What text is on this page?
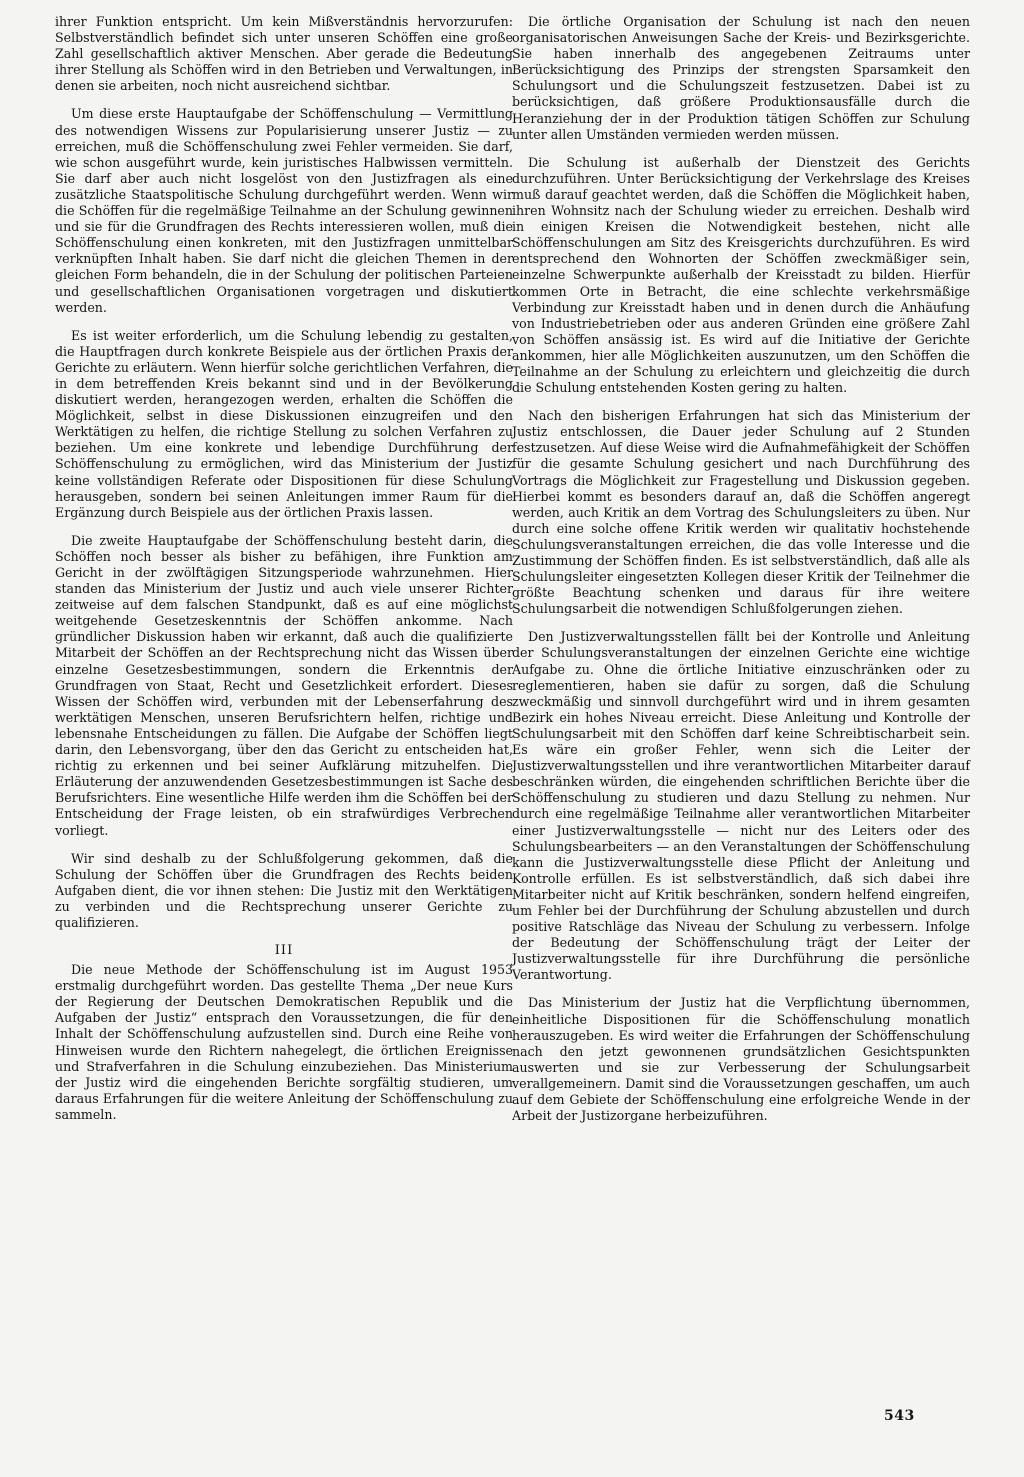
ihrer Funktion entspricht. Um kein Mißverständnis hervorzurufen: Selbstverständlich befindet sich unter unseren Schöffen eine große Zahl gesellschaftlich aktiver Menschen. Aber gerade die Bedeutung ihrer Stellung als Schöffen wird in den Betrieben und Verwaltungen, in denen sie arbeiten, noch nicht ausreichend sichtbar.

Um diese erste Hauptaufgabe der Schöffenschulung — Vermittlung des notwendigen Wissens zur Popularisierung unserer Justiz — zu erreichen, muß die Schöffenschulung zwei Fehler vermeiden. Sie darf, wie schon ausgeführt wurde, kein juristisches Halbwissen vermitteln. Sie darf aber auch nicht losgelöst von den Justizfragen als eine zusätzliche Staatspolitische Schulung durchgeführt werden. Wenn wir die Schöffen für die regelmäßige Teilnahme an der Schulung gewinnen und sie für die Grundfragen des Rechts interessieren wollen, muß die Schöffenschulung einen konkreten, mit den Justizfragen unmittelbar verknüpften Inhalt haben. Sie darf nicht die gleichen Themen in der gleichen Form behandeln, die in der Schulung der politischen Parteien und gesellschaftlichen Organisationen vorgetragen und diskutiert werden.

Es ist weiter erforderlich, um die Schulung lebendig zu gestalten, die Hauptfragen durch konkrete Beispiele aus der örtlichen Praxis der Gerichte zu erläutern. Wenn hierfür solche gerichtlichen Verfahren, die in dem betreffenden Kreis bekannt sind und in der Bevölkerung diskutiert werden, herangezogen werden, erhalten die Schöffen die Möglichkeit, selbst in diese Diskussionen einzugreifen und den Werktätigen zu helfen, die richtige Stellung zu solchen Verfahren zu beziehen. Um eine konkrete und lebendige Durchführung der Schöffenschulung zu ermöglichen, wird das Ministerium der Justiz keine vollständigen Referate oder Dispositionen für diese Schulung herausgeben, sondern bei seinen Anleitungen immer Raum für die Ergänzung durch Beispiele aus der örtlichen Praxis lassen.

Die zweite Hauptaufgabe der Schöffenschulung besteht darin, die Schöffen noch besser als bisher zu befähigen, ihre Funktion am Gericht in der zwölftägigen Sitzungsperiode wahrzunehmen. Hier standen das Ministerium der Justiz und auch viele unserer Richter zeitweise auf dem falschen Standpunkt, daß es auf eine möglichst weitgehende Gesetzeskenntnis der Schöffen ankomme. Nach gründlicher Diskussion haben wir erkannt, daß auch die qualifizierte Mitarbeit der Schöffen an der Rechtsprechung nicht das Wissen über einzelne Gesetzesbestimmungen, sondern die Erkenntnis der Grundfragen von Staat, Recht und Gesetzlichkeit erfordert. Dieses Wissen der Schöffen wird, verbunden mit der Lebenserfahrung des werktätigen Menschen, unseren Berufsrichtern helfen, richtige und lebensnahe Entscheidungen zu fällen. Die Aufgabe der Schöffen liegt darin, den Lebensvorgang, über den das Gericht zu entscheiden hat, richtig zu erkennen und bei seiner Aufklärung mitzuhelfen. Die Erläuterung der anzuwendenden Gesetzesbestimmungen ist Sache des Berufsrichters. Eine wesentliche Hilfe werden ihm die Schöffen bei der Entscheidung der Frage leisten, ob ein strafwürdiges Verbrechen vorliegt.

Wir sind deshalb zu der Schlußfolgerung gekommen, daß die Schulung der Schöffen über die Grundfragen des Rechts beiden Aufgaben dient, die vor ihnen stehen: Die Justiz mit den Werktätigen zu verbinden und die Rechtsprechung unserer Gerichte zu qualifizieren.

III

Die neue Methode der Schöffenschulung ist im August 1953 erstmalig durchgeführt worden. Das gestellte Thema „Der neue Kurs der Regierung der Deutschen Demokratischen Republik und die Aufgaben der Justiz“ entsprach den Voraussetzungen, die für den Inhalt der Schöffenschulung aufzustellen sind. Durch eine Reihe von Hinweisen wurde den Richtern nahegelegt, die örtlichen Ereignisse und Strafverfahren in die Schulung einzubeziehen. Das Ministerium der Justiz wird die eingehenden Berichte sorgfältig studieren, um daraus Erfahrungen für die weitere Anleitung der Schöffenschulung zu sammeln.

Die örtliche Organisation der Schulung ist nach den neuen organisatorischen Anweisungen Sache der Kreis- und Bezirksgerichte. Sie haben innerhalb des angegebenen Zeitraums unter Berücksichtigung des Prinzips der strengsten Sparsamkeit den Schulungsort und die Schulungszeit festzusetzen. Dabei ist zu berücksichtigen, daß größere Produktionsausfälle durch die Heranziehung der in der Produktion tätigen Schöffen zur Schulung unter allen Umständen vermieden werden müssen.

Die Schulung ist außerhalb der Dienstzeit des Gerichts durchzuführen. Unter Berücksichtigung der Verkehrslage des Kreises muß darauf geachtet werden, daß die Schöffen die Möglichkeit haben, ihren Wohnsitz nach der Schulung wieder zu erreichen. Deshalb wird in einigen Kreisen die Notwendigkeit bestehen, nicht alle Schöffenschulungen am Sitz des Kreisgerichts durchzuführen. Es wird entsprechend den Wohnorten der Schöffen zweckmäßiger sein, einzelne Schwerpunkte außerhalb der Kreisstadt zu bilden. Hierfür kommen Orte in Betracht, die eine schlechte verkehrsmäßige Verbindung zur Kreisstadt haben und in denen durch die Anhäufung von Industriebetrieben oder aus anderen Gründen eine größere Zahl von Schöffen ansässig ist. Es wird auf die Initiative der Gerichte ankommen, hier alle Möglichkeiten auszunutzen, um den Schöffen die Teilnahme an der Schulung zu erleichtern und gleichzeitig die durch die Schulung entstehenden Kosten gering zu halten.

Nach den bisherigen Erfahrungen hat sich das Ministerium der Justiz entschlossen, die Dauer jeder Schulung auf 2 Stunden festzusetzen. Auf diese Weise wird die Aufnahmefähigkeit der Schöffen für die gesamte Schulung gesichert und nach Durchführung des Vortrags die Möglichkeit zur Fragestellung und Diskussion gegeben. Hierbei kommt es besonders darauf an, daß die Schöffen angeregt werden, auch Kritik an dem Vortrag des Schulungsleiters zu üben. Nur durch eine solche offene Kritik werden wir qualitativ hochstehende Schulungsveranstaltungen erreichen, die das volle Interesse und die Zustimmung der Schöffen finden. Es ist selbstverständlich, daß alle als Schulungsleiter eingesetzten Kollegen dieser Kritik der Teilnehmer die größte Beachtung schenken und daraus für ihre weitere Schulungsarbeit die notwendigen Schlußfolgerungen ziehen.

Den Justizverwaltungsstellen fällt bei der Kontrolle und Anleitung der Schulungsveranstaltungen der einzelnen Gerichte eine wichtige Aufgabe zu. Ohne die örtliche Initiative einzuschränken oder zu reglementieren, haben sie dafür zu sorgen, daß die Schulung zweckmäßig und sinnvoll durchgeführt wird und in ihrem gesamten Bezirk ein hohes Niveau erreicht. Diese Anleitung und Kontrolle der Schulungsarbeit mit den Schöffen darf keine Schreibtischarbeit sein. Es wäre ein großer Fehler, wenn sich die Leiter der Justizverwaltungsstellen und ihre verantwortlichen Mitarbeiter darauf beschränken würden, die eingehenden schriftlichen Berichte über die Schöffenschulung zu studieren und dazu Stellung zu nehmen. Nur durch eine regelmäßige Teilnahme aller verantwortlichen Mitarbeiter einer Justizverwaltungsstelle — nicht nur des Leiters oder des Schulungsbearbeiters — an den Veranstaltungen der Schöffenschulung kann die Justizverwaltungsstelle diese Pflicht der Anleitung und Kontrolle erfüllen. Es ist selbstverständlich, daß sich dabei ihre Mitarbeiter nicht auf Kritik beschränken, sondern helfend eingreifen, um Fehler bei der Durchführung der Schulung abzustellen und durch positive Ratschläge das Niveau der Schulung zu verbessern. Infolge der Bedeutung der Schöffenschulung trägt der Leiter der Justizverwaltungsstelle für ihre Durchführung die persönliche Verantwortung.

Das Ministerium der Justiz hat die Verpflichtung übernommen, einheitliche Dispositionen für die Schöffenschulung monatlich herauszugeben. Es wird weiter die Erfahrungen der Schöffenschulung nach den jetzt gewonnenen grundsätzlichen Gesichtspunkten auswerten und sie zur Verbesserung der Schulungsarbeit verallgemeinern. Damit sind die Voraussetzungen geschaffen, um auch auf dem Gebiete der Schöffenschulung eine erfolgreiche Wende in der Arbeit der Justizorgane herbeizuführen.

543
